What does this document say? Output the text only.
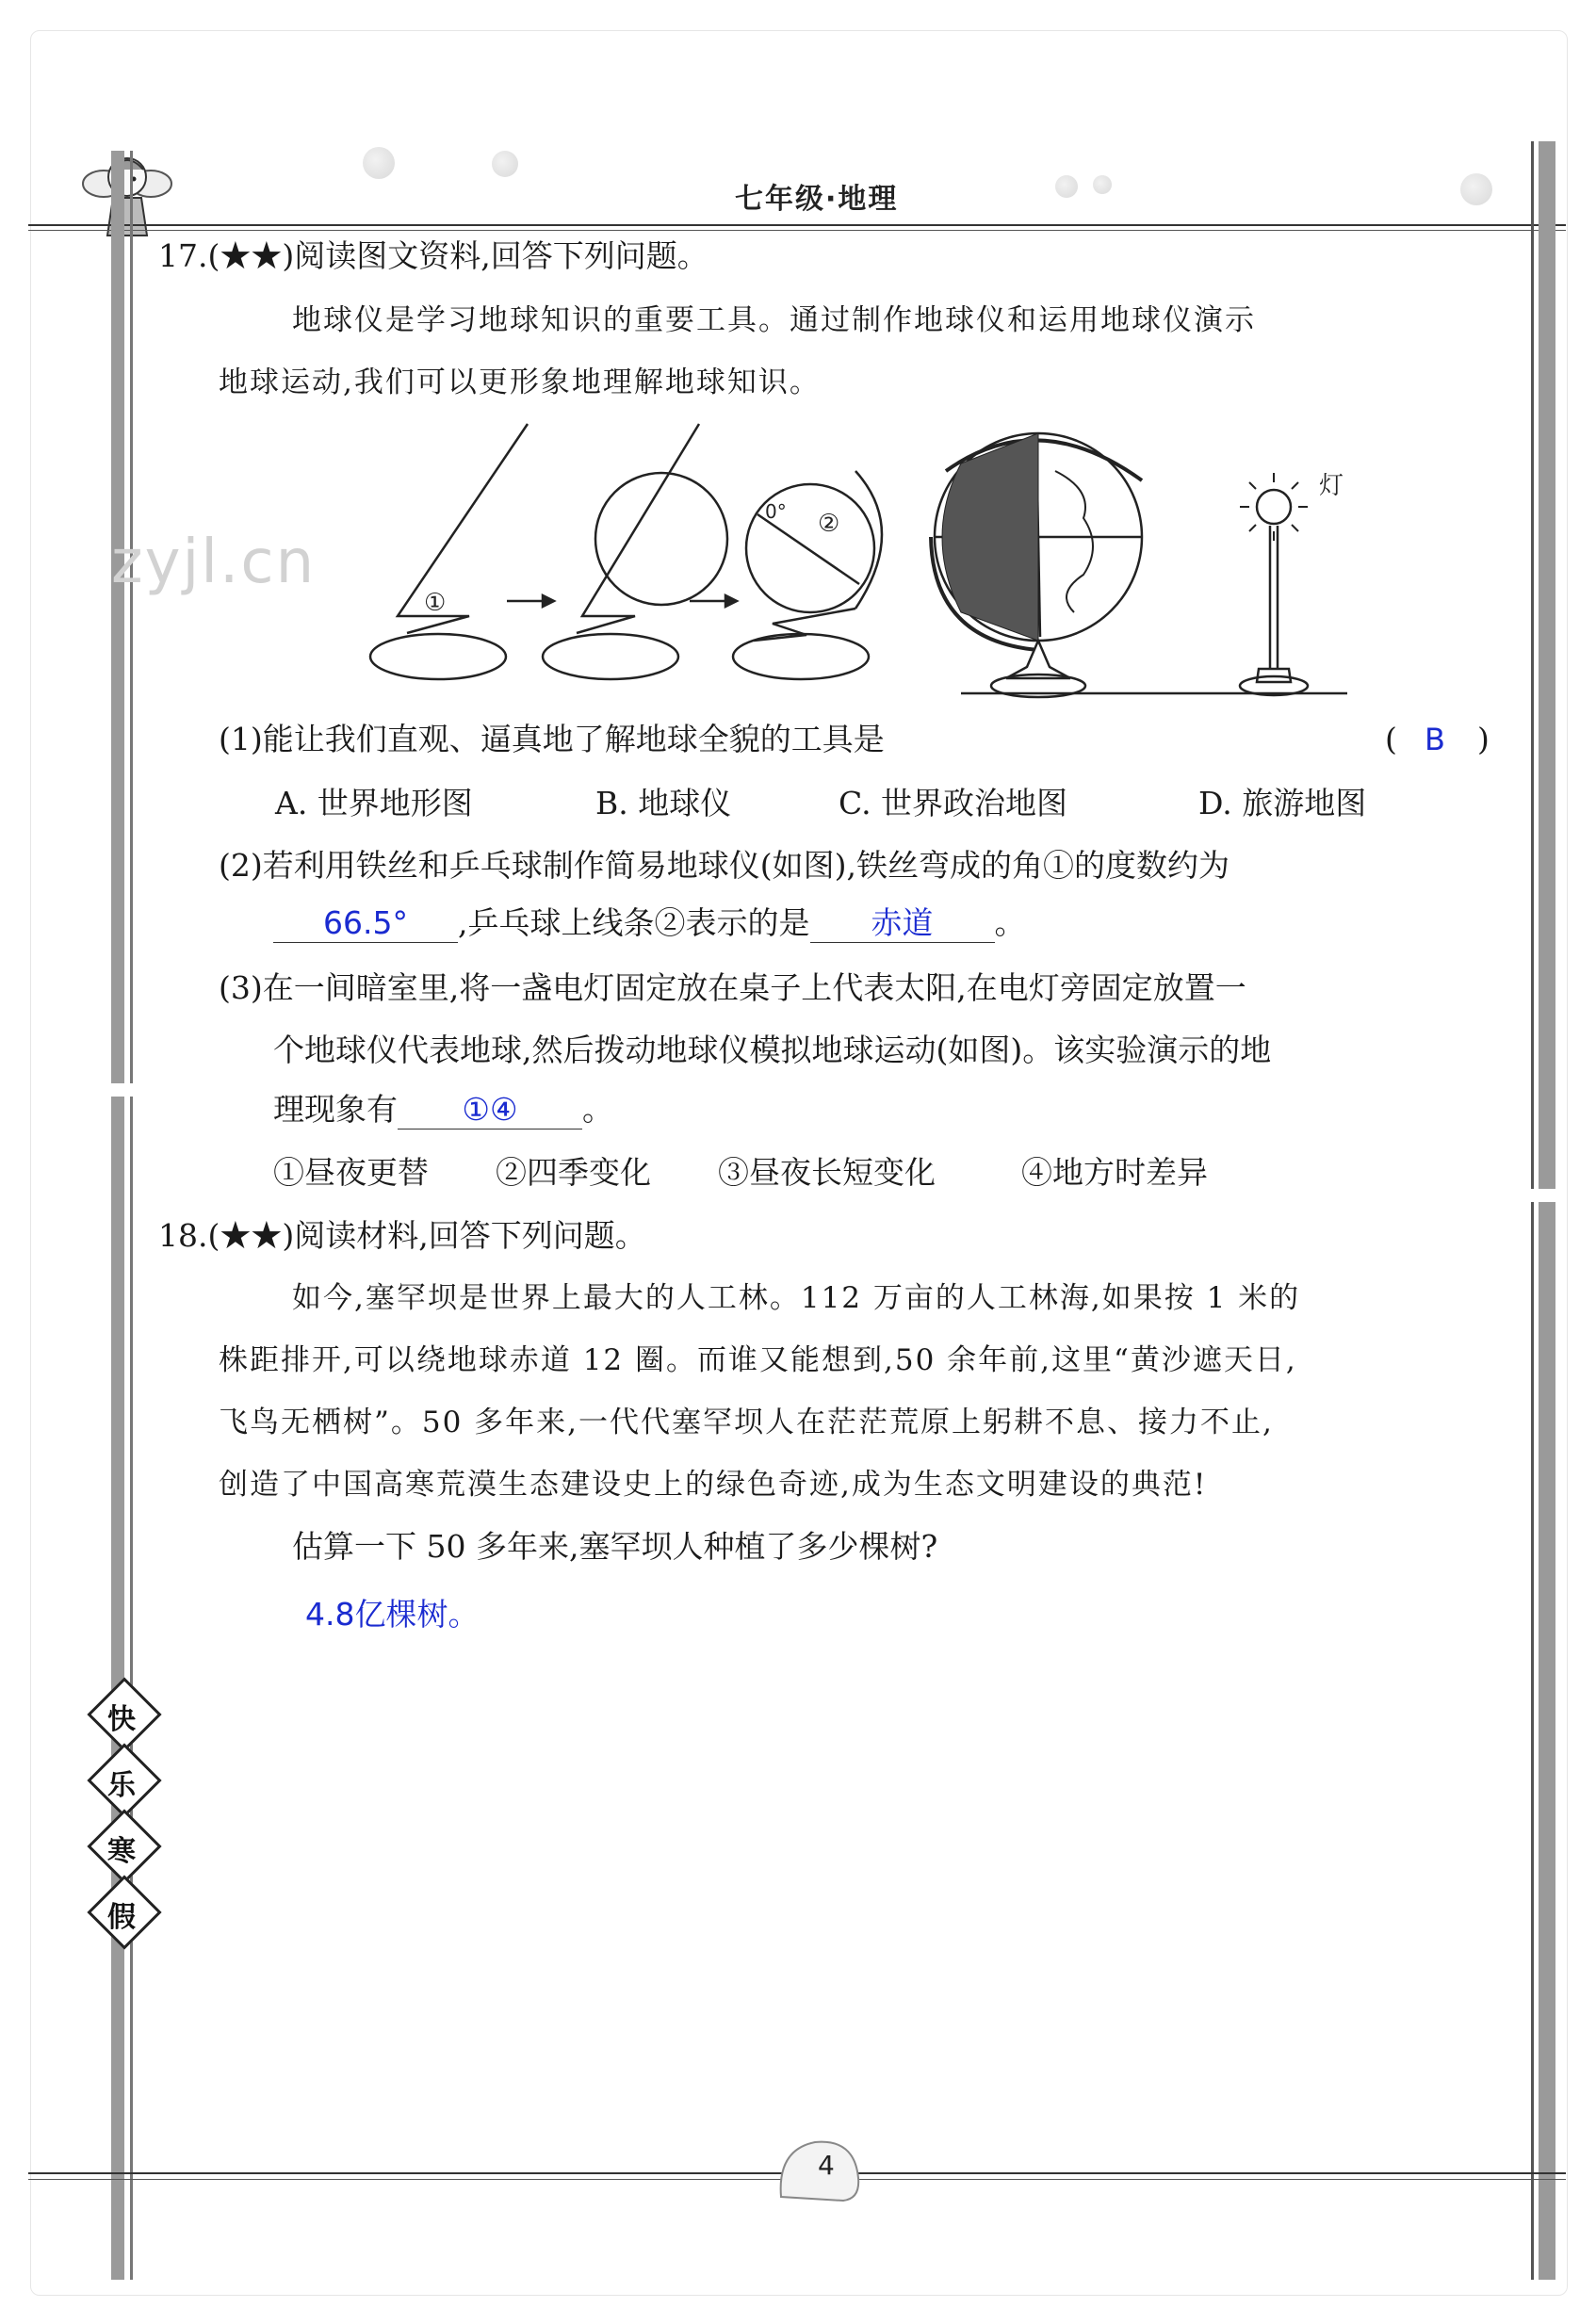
七年级·地理
zyjl.cn
17.(★★)阅读图文资料,回答下列问题。
地球仪是学习地球知识的重要工具。通过制作地球仪和运用地球仪演示
地球运动,我们可以更形象地理解地球知识。
①
0° ②
灯
(1)能让我们直观、逼真地了解地球全貌的工具是	( B )
A. 世界地形图	B. 地球仪	C. 世界政治地图	D. 旅游地图
(2)若利用铁丝和乒乓球制作简易地球仪(如图),铁丝弯成的角①的度数约为
66.5° ,乒乓球上线条②表示的是 赤道 。
(3)在一间暗室里,将一盏电灯固定放在桌子上代表太阳,在电灯旁固定放置一
个地球仪代表地球,然后拨动地球仪模拟地球运动(如图)。该实验演示的地
理现象有 ①④ 。
①昼夜更替 ②四季变化 ③昼夜长短变化	④地方时差异
18.(★★)阅读材料,回答下列问题。
如今,塞罕坝是世界上最大的人工林。112 万亩的人工林海,如果按 1 米的
株距排开,可以绕地球赤道 12 圈。而谁又能想到,50 余年前,这里“黄沙遮天日,
飞鸟无栖树”。50 多年来,一代代塞罕坝人在茫茫荒原上躬耕不息、接力不止,
创造了中国高寒荒漠生态建设史上的绿色奇迹,成为生态文明建设的典范!
估算一下 50 多年来,塞罕坝人种植了多少棵树?
4.8亿棵树。
快
乐
寒
假
4
